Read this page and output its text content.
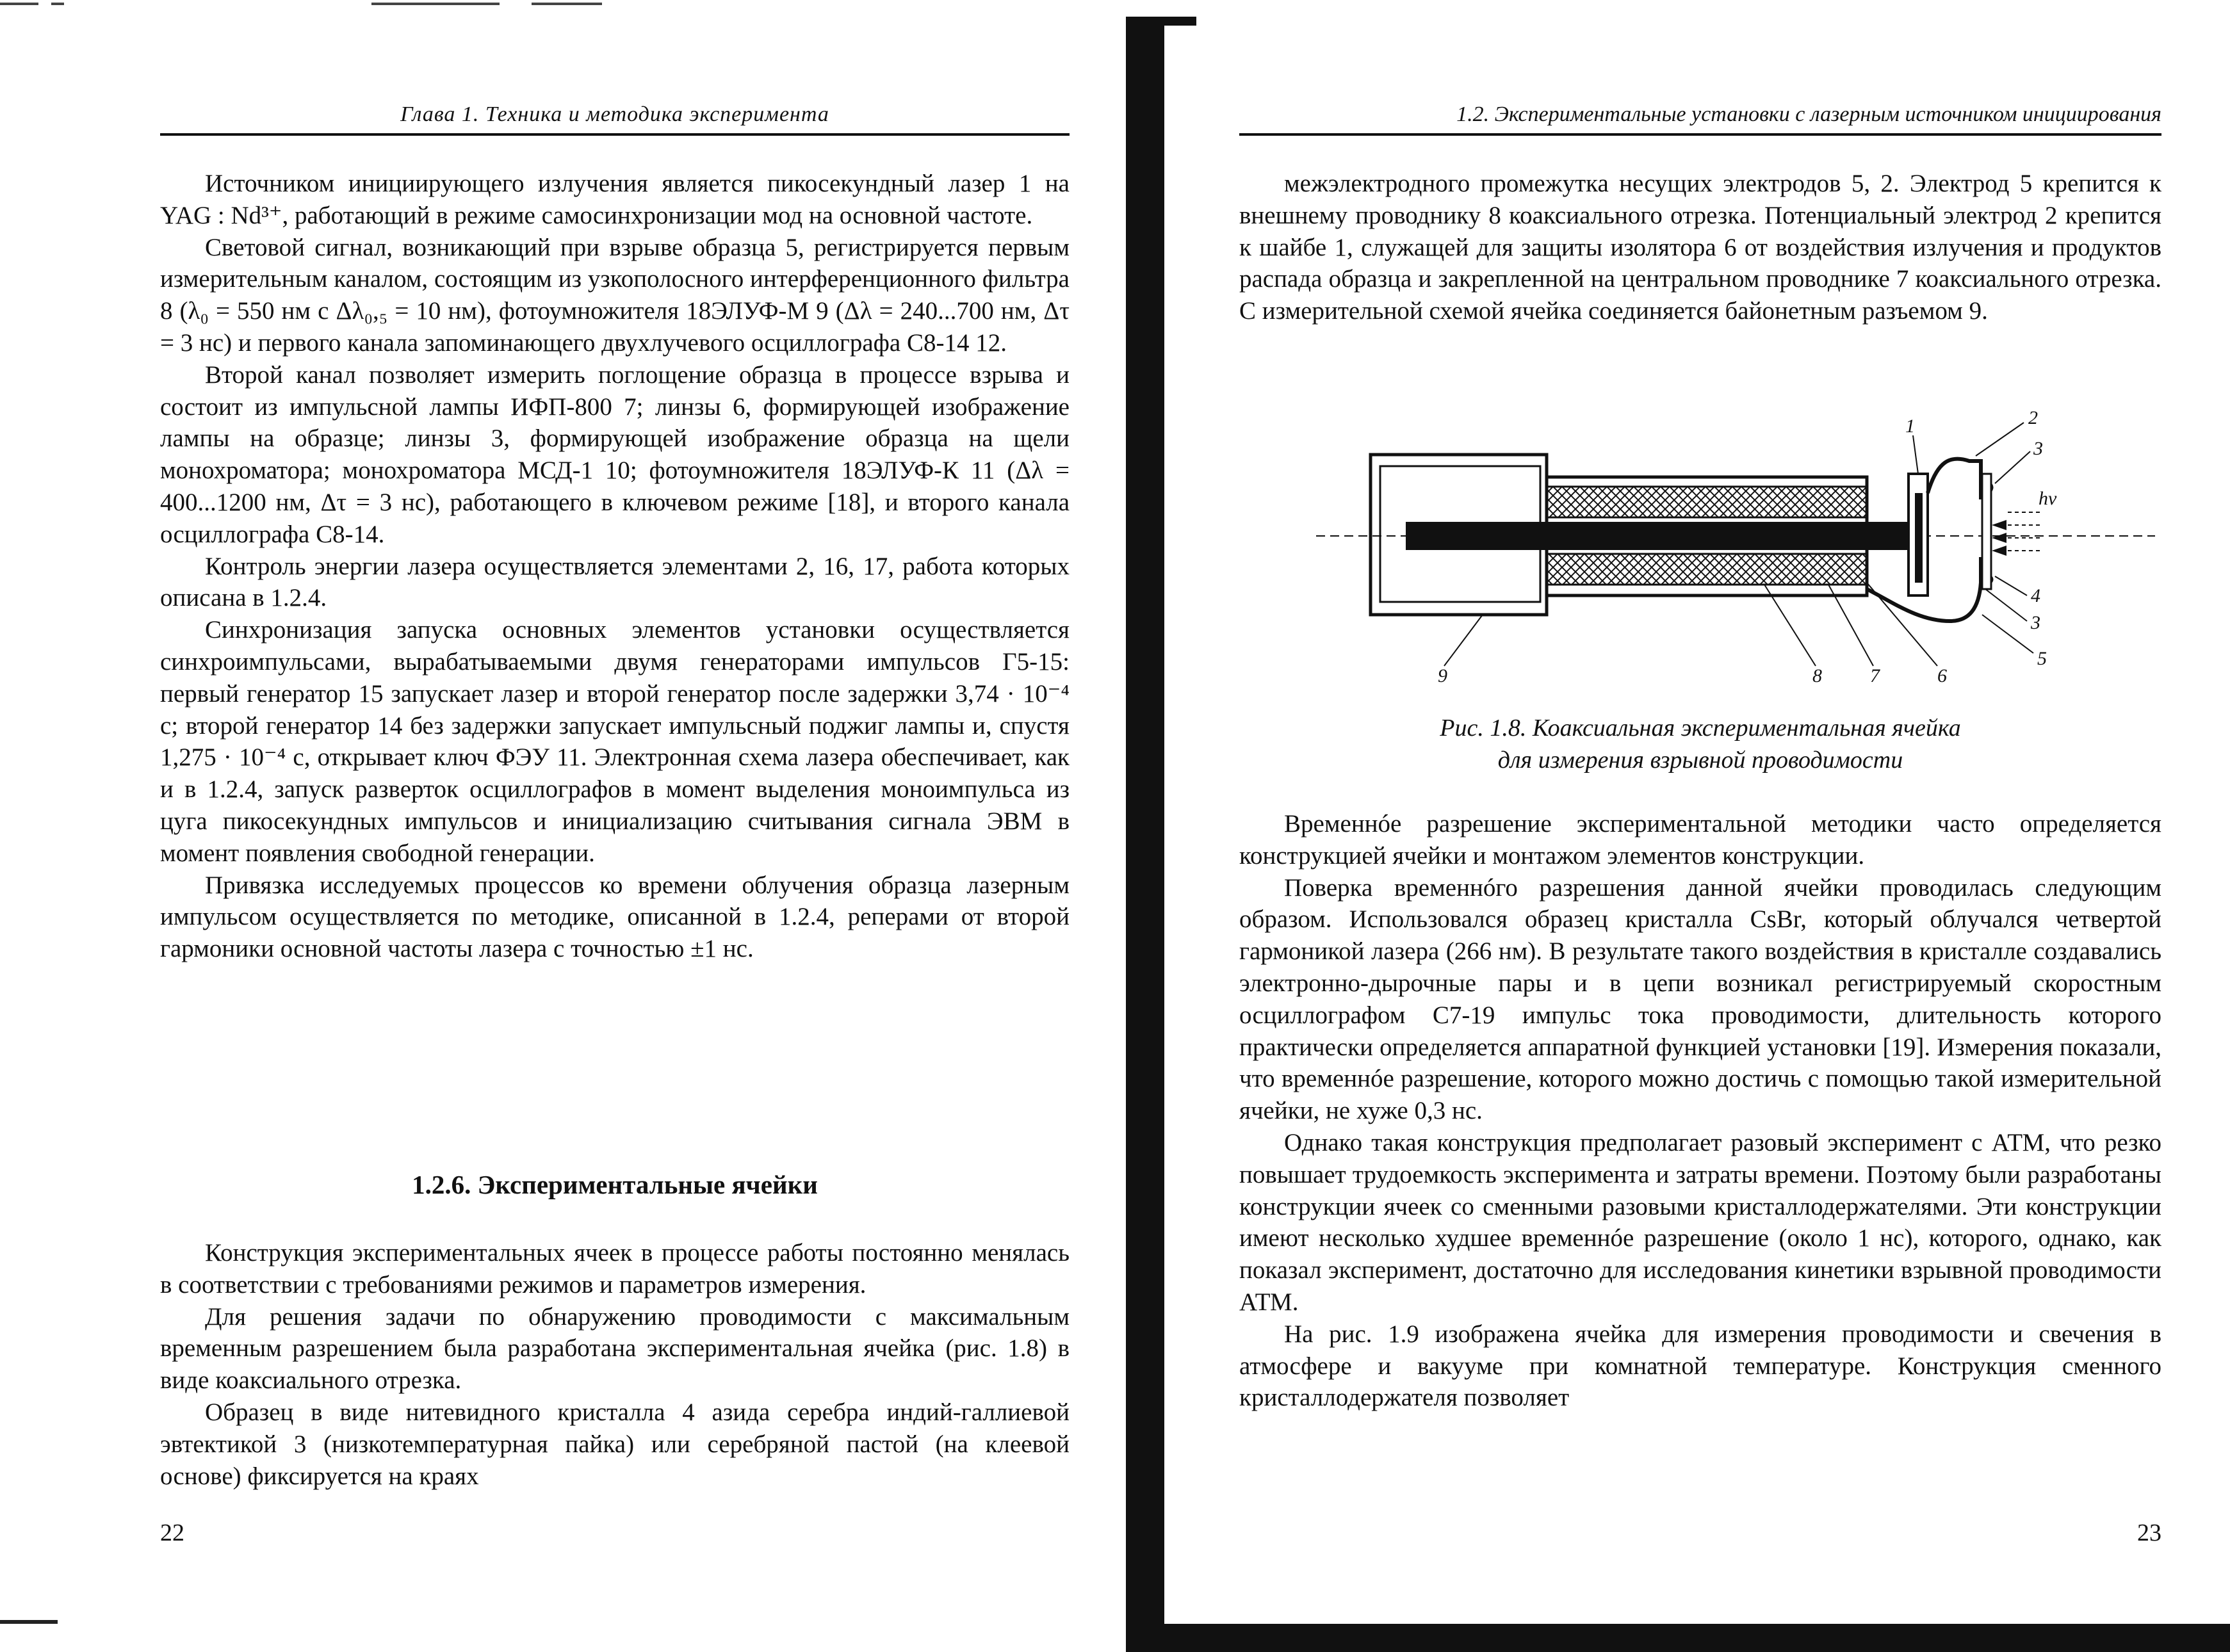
Глава 1. Техника и методика эксперимента

Источником инициирующего излучения является пикосекундный лазер 1 на YAG : Nd³⁺, работающий в режиме самосинхронизации мод на основной частоте.

Световой сигнал, возникающий при взрыве образца 5, регистрируется первым измерительным каналом, состоящим из узкополосного интерференционного фильтра 8 (λ₀ = 550 нм с Δλ₀,₅ = 10 нм), фотоумножителя 18ЭЛУФ-М 9 (Δλ = 240...700 нм, Δτ = 3 нс) и первого канала запоминающего двухлучевого осциллографа С8-14 12.

Второй канал позволяет измерить поглощение образца в процессе взрыва и состоит из импульсной лампы ИФП-800 7; линзы 6, формирующей изображение лампы на образце; линзы 3, формирующей изображение образца на щели монохроматора; монохроматора МСД-1 10; фотоумножителя 18ЭЛУФ-К 11 (Δλ = 400...1200 нм, Δτ = 3 нс), работающего в ключевом режиме [18], и второго канала осциллографа С8-14.

Контроль энергии лазера осуществляется элементами 2, 16, 17, работа которых описана в 1.2.4.

Синхронизация запуска основных элементов установки осуществляется синхроимпульсами, вырабатываемыми двумя генераторами импульсов Г5-15: первый генератор 15 запускает лазер и второй генератор после задержки 3,74 · 10⁻⁴ с; второй генератор 14 без задержки запускает импульсный поджиг лампы и, спустя 1,275 · 10⁻⁴ с, открывает ключ ФЭУ 11. Электронная схема лазера обеспечивает, как и в 1.2.4, запуск разверток осциллографов в момент выделения моноимпульса из цуга пикосекундных импульсов и инициализацию считывания сигнала ЭВМ в момент появления свободной генерации.

Привязка исследуемых процессов ко времени облучения образца лазерным импульсом осуществляется по методике, описанной в 1.2.4, реперами от второй гармоники основной частоты лазера с точностью ±1 нс.

1.2.6. Экспериментальные ячейки

Конструкция экспериментальных ячеек в процессе работы постоянно менялась в соответствии с требованиями режимов и параметров измерения.

Для решения задачи по обнаружению проводимости с максимальным временным разрешением была разработана экспериментальная ячейка (рис. 1.8) в виде коаксиального отрезка.

Образец в виде нитевидного кристалла 4 азида серебра индий-галлиевой эвтектикой 3 (низкотемпературная пайка) или серебряной пастой (на клеевой основе) фиксируется на краях

22
1.2. Экспериментальные установки с лазерным источником инициирования

межэлектродного промежутка несущих электродов 5, 2. Электрод 5 крепится к внешнему проводнику 8 коаксиального отрезка. Потенциальный электрод 2 крепится к шайбе 1, служащей для защиты изолятора 6 от воздействия излучения и продуктов распада образца и закрепленной на центральном проводнике 7 коаксиального отрезка. С измерительной схемой ячейка соединяется байонетным разъемом 9.

1	2
3
hν
4
3
5
6
7
8
9
Рис. 1.8. Коаксиальная экспериментальная ячейка
для измерения взрывной проводимости

Временнóе разрешение экспериментальной методики часто определяется конструкцией ячейки и монтажом элементов конструкции.

Поверка временнóго разрешения данной ячейки проводилась следующим образом. Использовался образец кристалла CsBr, который облучался четвертой гармоникой лазера (266 нм). В результате такого воздействия в кристалле создавались электронно-дырочные пары и в цепи возникал регистрируемый скоростным осциллографом С7-19 импульс тока проводимости, длительность которого практически определяется аппаратной функцией установки [19]. Измерения показали, что временнóе разрешение, которого можно достичь с помощью такой измерительной ячейки, не хуже 0,3 нс.

Однако такая конструкция предполагает разовый эксперимент с АТМ, что резко повышает трудоемкость эксперимента и затраты времени. Поэтому были разработаны конструкции ячеек со сменными разовыми кристаллодержателями. Эти конструкции имеют несколько худшее временнóе разрешение (около 1 нс), которого, однако, как показал эксперимент, достаточно для исследования кинетики взрывной проводимости АТМ.

На рис. 1.9 изображена ячейка для измерения проводимости и свечения в атмосфере и вакууме при комнатной температуре. Конструкция сменного кристаллодержателя позволяет

23
